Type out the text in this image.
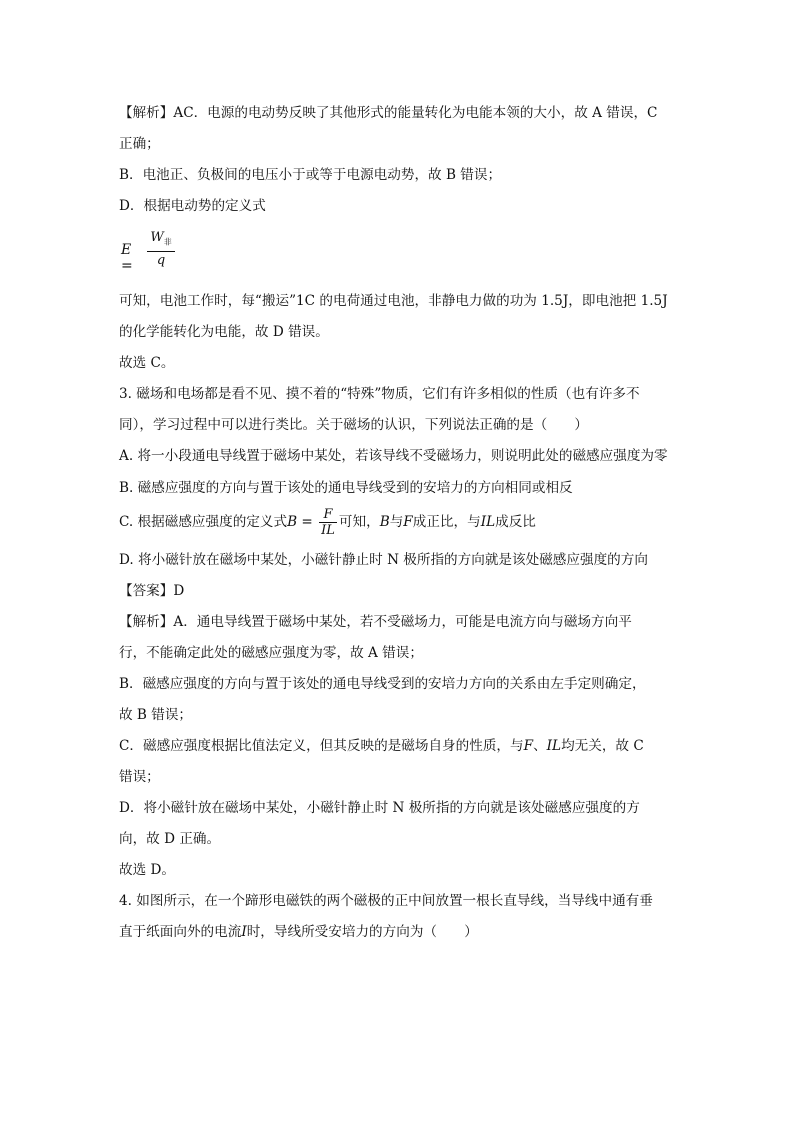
【解析】AC．电源的电动势反映了其他形式的能量转化为电能本领的大小，故 A 错误，C
正确；
B．电池正、负极间的电压小于或等于电源电动势，故 B 错误；
D．根据电动势的定义式
E =
$W_非$
q
可知，电池工作时，每“搬运”1C 的电荷通过电池，非静电力做的功为 1.5J，即电池把 1.5J
的化学能转化为电能，故 D 错误。
故选 C。
3. 磁场和电场都是看不见、摸不着的“特殊”物质，它们有许多相似的性质（也有许多不
同），学习过程中可以进行类比。关于磁场的认识，下列说法正确的是（　　）
A. 将一小段通电导线置于磁场中某处，若该导线不受磁场力，则说明此处的磁感应强度为零
B. 磁感应强度的方向与置于该处的通电导线受到的安培力的方向相同或相反
C. 根据磁感应强度的定义式$B = \frac{F}{IL}$ 可知，B与F成正比，与IL成反比
D. 将小磁针放在磁场中某处，小磁针静止时 N 极所指的方向就是该处磁感应强度的方向
【答案】D
【解析】A．通电导线置于磁场中某处，若不受磁场力，可能是电流方向与磁场方向平
行，不能确定此处的磁感应强度为零，故 A 错误；
B．磁感应强度的方向与置于该处的通电导线受到的安培力方向的关系由左手定则确定，
故 B 错误；
C．磁感应强度根据比值法定义，但其反映的是磁场自身的性质，与F、IL均无关，故 C
错误；
D．将小磁针放在磁场中某处，小磁针静止时 N 极所指的方向就是该处磁感应强度的方
向，故 D 正确。
故选 D。
4. 如图所示，在一个蹄形电磁铁的两个磁极的正中间放置一根长直导线，当导线中通有垂
直于纸面向外的电流I时，导线所受安培力的方向为（　　）
